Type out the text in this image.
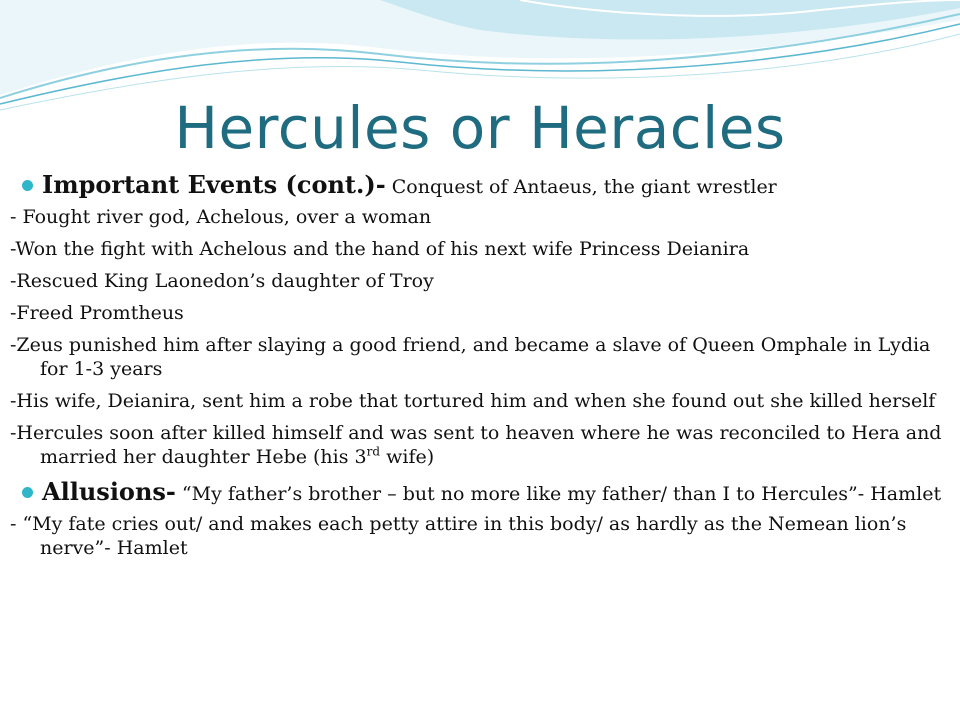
Hercules or Heracles
Important Events (cont.)- Conquest of Antaeus, the giant wrestler
- Fought river god, Achelous, over a woman
-Won the fight with Achelous and the hand of his next wife Princess Deianira
-Rescued King Laonedon’s daughter of Troy
-Freed Promtheus
-Zeus punished him after slaying a good friend, and became a slave of Queen Omphale in Lydia for 1-3 years
-His wife, Deianira, sent him a robe that tortured him and when she found out she killed herself
-Hercules soon after killed himself and was sent to heaven where he was reconciled to Hera and married her daughter Hebe (his 3rd wife)
Allusions- “My father’s brother – but no more like my father/ than I to Hercules”- Hamlet
- “My fate cries out/ and makes each petty attire in this body/ as hardly as the Nemean lion’s nerve”- Hamlet
